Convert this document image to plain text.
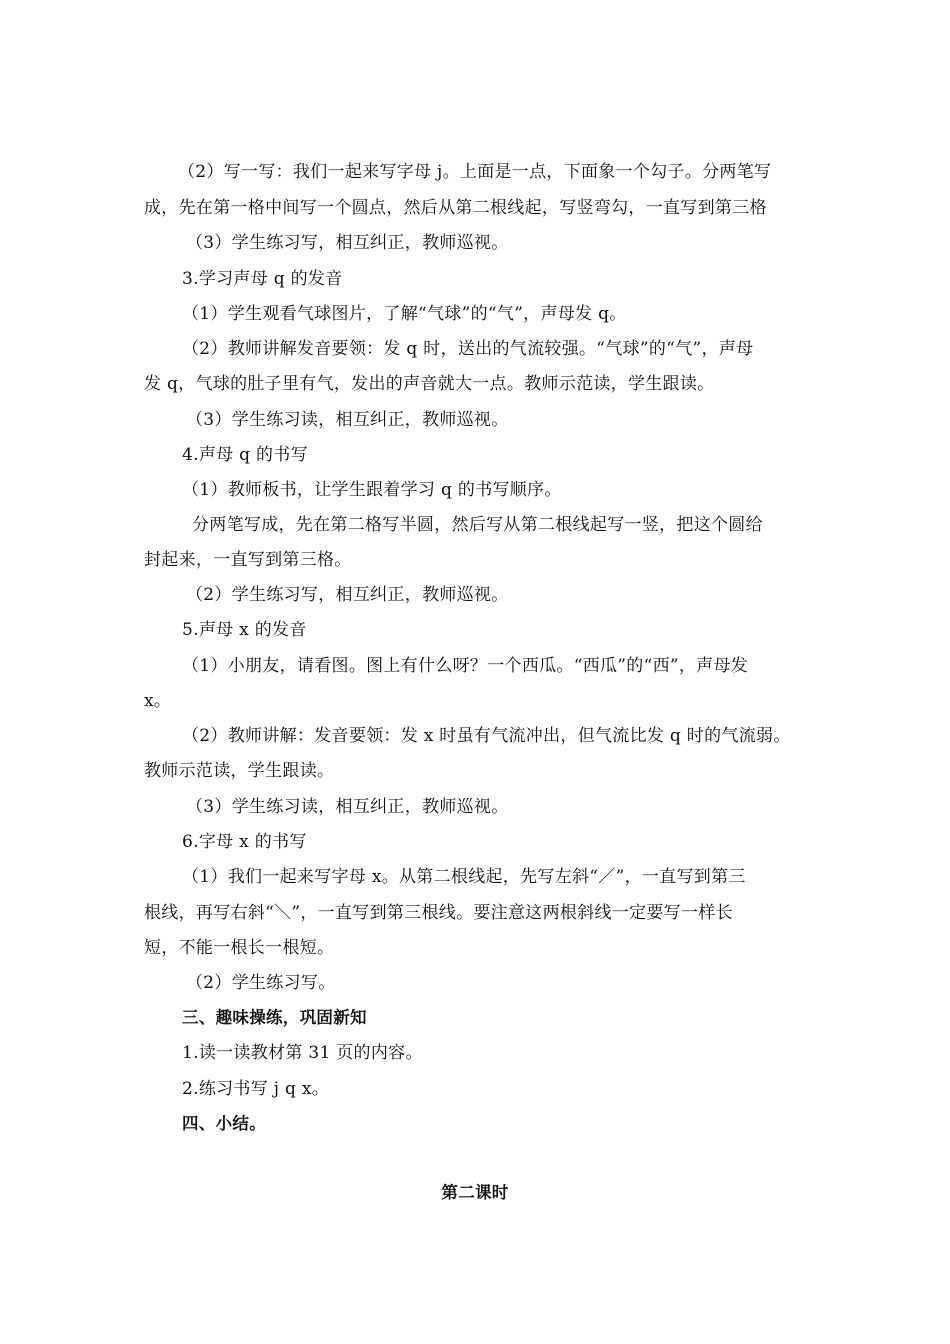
（2）写一写：我们一起来写字母 j。上面是一点，下面象一个勾子。分两笔写
成，先在第一格中间写一个圆点，然后从第二根线起，写竖弯勾，一直写到第三格
（3）学生练习写，相互纠正，教师巡视。
3.学习声母 q 的发音
（1）学生观看气球图片，了解“气球”的“气”，声母发 q。
（2）教师讲解发音要领：发 q 时，送出的气流较强。“气球”的“气”，声母
发 q，气球的肚子里有气，发出的声音就大一点。教师示范读，学生跟读。
（3）学生练习读，相互纠正，教师巡视。
4.声母 q 的书写
（1）教师板书，让学生跟着学习 q 的书写顺序。
分两笔写成，先在第二格写半圆，然后写从第二根线起写一竖，把这个圆给
封起来，一直写到第三格。
（2）学生练习写，相互纠正，教师巡视。
5.声母 x 的发音
（1）小朋友，请看图。图上有什么呀？一个西瓜。“西瓜”的“西”，声母发
x。
（2）教师讲解：发音要领：发 x 时虽有气流冲出，但气流比发 q 时的气流弱。
教师示范读，学生跟读。
（3）学生练习读，相互纠正，教师巡视。
6.字母 x 的书写
（1）我们一起来写字母 x。从第二根线起，先写左斜“／”，一直写到第三
根线，再写右斜“＼”，一直写到第三根线。要注意这两根斜线一定要写一样长
短，不能一根长一根短。
（2）学生练习写。
三、趣味操练，巩固新知
1.读一读教材第 31 页的内容。
2.练习书写 j q x。
四、小结。
第二课时
